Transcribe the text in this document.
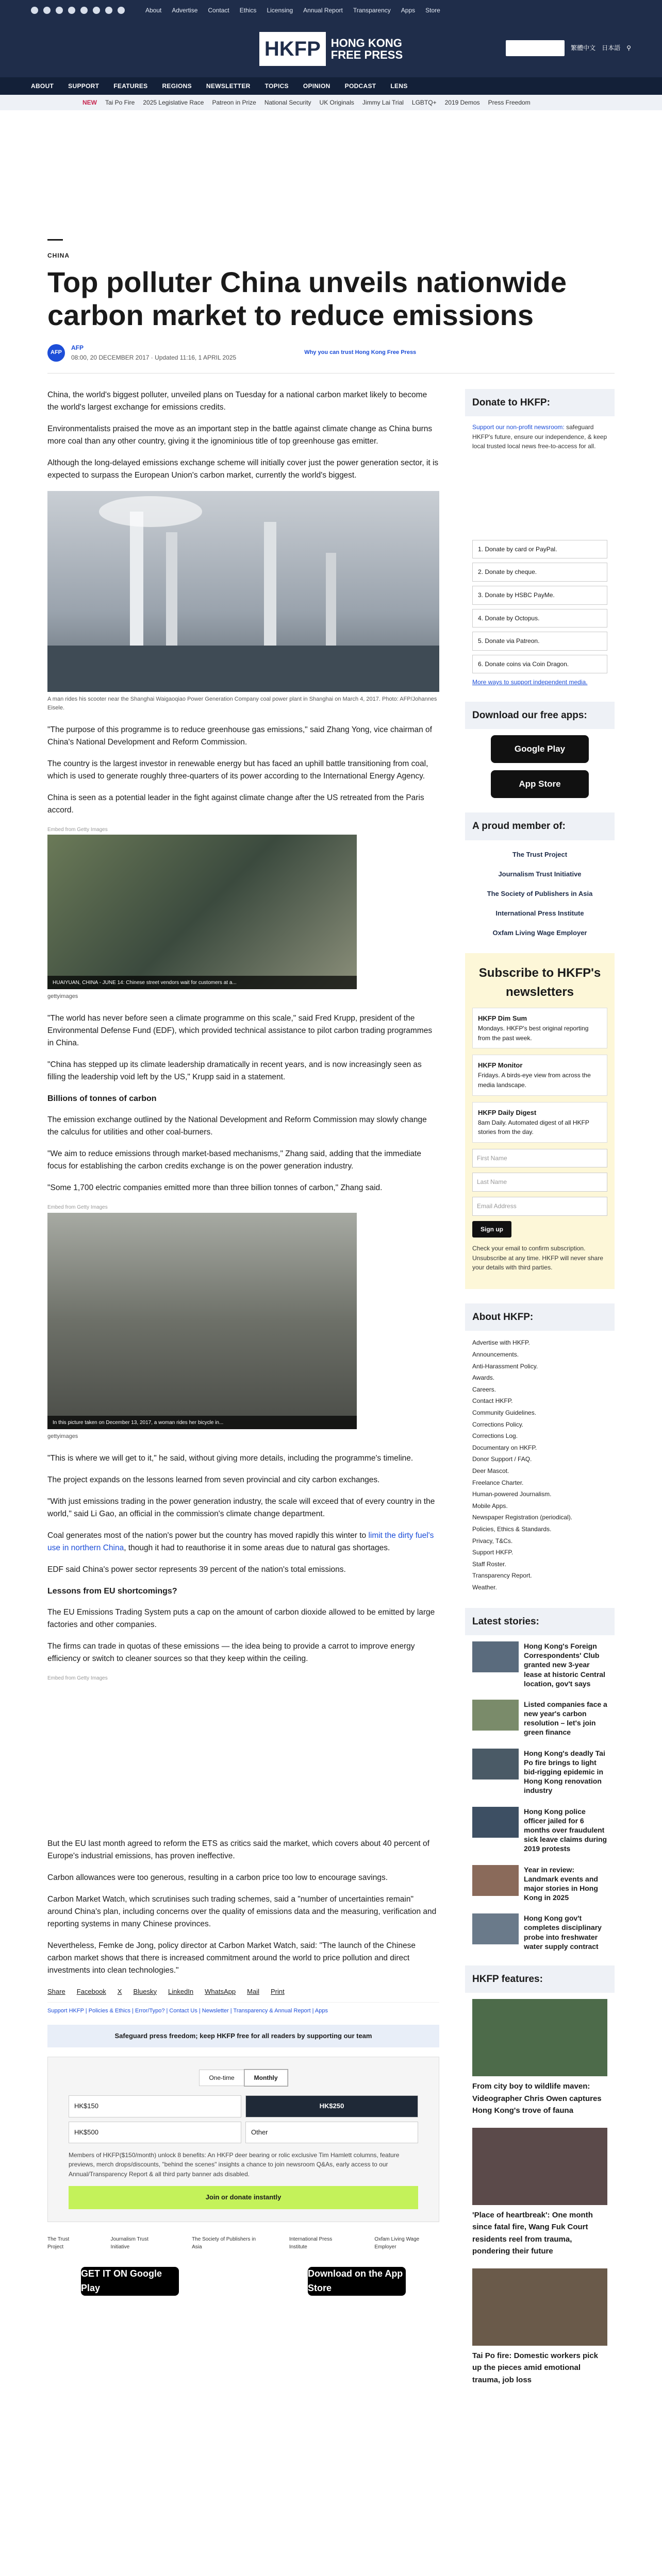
About Advertise Contact Ethics Licensing Annual Report Transparency Apps Store
HKFP HONG KONG
FREE PRESS
SUPPORT HKFP	繁體中文 日本語 ⚲
ABOUT SUPPORT FEATURES REGIONS NEWSLETTER TOPICS OPINION PODCAST LENS
NEW Tai Po Fire 2025 Legislative Race Patreon in Prize National Security UK Originals Jimmy Lai Trial LGBTQ+ 2019 Demos Press Freedom
CHINA
Top polluter China unveils nationwide carbon market to reduce emissions
AFP
AFP
08:00, 20 DECEMBER 2017 · Updated 11:16, 1 APRIL 2025
Why you can trust Hong Kong Free Press

China, the world's biggest polluter, unveiled plans on Tuesday for a national carbon market likely to become the world's largest exchange for emissions credits.

Environmentalists praised the move as an important step in the battle against climate change as China burns more coal than any other country, giving it the ignominious title of top greenhouse gas emitter.

Although the long-delayed emissions exchange scheme will initially cover just the power generation sector, it is expected to surpass the European Union's carbon market, currently the world's biggest.

A man rides his scooter near the Shanghai Waigaoqiao Power Generation Company coal power plant in Shanghai on March 4, 2017. Photo: AFP/Johannes Eisele.

"The purpose of this programme is to reduce greenhouse gas emissions," said Zhang Yong, vice chairman of China's National Development and Reform Commission.

The country is the largest investor in renewable energy but has faced an uphill battle transitioning from coal, which is used to generate roughly three-quarters of its power according to the International Energy Agency.

China is seen as a potential leader in the fight against climate change after the US retreated from the Paris accord.

Embed from Getty Images
HUAIYUAN, CHINA - JUNE 14: Chinese street vendors wait for customers at a...
gettyimages

"The world has never before seen a climate programme on this scale," said Fred Krupp, president of the Environmental Defense Fund (EDF), which provided technical assistance to pilot carbon trading programmes in China.

"China has stepped up its climate leadership dramatically in recent years, and is now increasingly seen as filling the leadership void left by the US," Krupp said in a statement.

Billions of tonnes of carbon

The emission exchange outlined by the National Development and Reform Commission may slowly change the calculus for utilities and other coal-burners.

"We aim to reduce emissions through market-based mechanisms," Zhang said, adding that the immediate focus for establishing the carbon credits exchange is on the power generation industry.

"Some 1,700 electric companies emitted more than three billion tonnes of carbon," Zhang said.

Embed from Getty Images
In this picture taken on December 13, 2017, a woman rides her bicycle in...
gettyimages

"This is where we will get to it," he said, without giving more details, including the programme's timeline.

The project expands on the lessons learned from seven provincial and city carbon exchanges.

"With just emissions trading in the power generation industry, the scale will exceed that of every country in the world," said Li Gao, an official in the commission's climate change department.

Coal generates most of the nation's power but the country has moved rapidly this winter to limit the dirty fuel's use in northern China, though it had to reauthorise it in some areas due to natural gas shortages.

EDF said China's power sector represents 39 percent of the nation's total emissions.

Lessons from EU shortcomings?

The EU Emissions Trading System puts a cap on the amount of carbon dioxide allowed to be emitted by large factories and other companies.

The firms can trade in quotas of these emissions — the idea being to provide a carrot to improve energy efficiency or switch to cleaner sources so that they keep within the ceiling.

Embed from Getty Images

But the EU last month agreed to reform the ETS as critics said the market, which covers about 40 percent of Europe's industrial emissions, has proven ineffective.

Carbon allowances were too generous, resulting in a carbon price too low to encourage savings.

Carbon Market Watch, which scrutinises such trading schemes, said a "number of uncertainties remain" around China's plan, including concerns over the quality of emissions data and the measuring, verification and reporting systems in many Chinese provinces.

Nevertheless, Femke de Jong, policy director at Carbon Market Watch, said: "The launch of the Chinese carbon market shows that there is increased commitment around the world to price pollution and direct investments into clean technologies."

Share Facebook X Bluesky LinkedIn WhatsApp Mail Print
Support HKFP | Policies & Ethics | Error/Typo? | Contact Us | Newsletter | Transparency & Annual Report | Apps
Safeguard press freedom; keep HKFP free for all readers by supporting our team
One-time	Monthly
HK$150	HK$250
HK$500	Other
Members of HKFP($150/month) unlock 8 benefits: An HKFP deer bearing or rolic exclusive Tim Hamlett columns, feature previews, merch drops/discounts, "behind the scenes" insights a chance to join newsroom Q&As, early access to our Annual/Transparency Report & all third party banner ads disabled.
Join or donate instantly
The Trust Project
Journalism Trust Initiative
The Society of Publishers in Asia
International Press Institute
Oxfam Living Wage Employer
GET IT ON Google Play
Download on the App Store
Donate to HKFP:

Support our non-profit newsroom: safeguard HKFP's future, ensure our independence, & keep local trusted local news free-to-access for all.

1. Donate by card or PayPal.
2. Donate by cheque.
3. Donate by HSBC PayMe.
4. Donate by Octopus.
5. Donate via Patreon.
6. Donate coins via Coin Dragon.
More ways to support independent media.
Download our free apps:
Google Play
App Store
A proud member of:
The Trust Project
Journalism Trust Initiative
The Society of Publishers in Asia
International Press Institute
Oxfam Living Wage Employer
Subscribe to HKFP's newsletters
HKFP Dim Sum
Mondays. HKFP's best original reporting from the past week.
HKFP Monitor
Fridays. A birds-eye view from across the media landscape.
HKFP Daily Digest
8am Daily. Automated digest of all HKFP stories from the day.
First Name
Last Name
Email Address
Sign up

Check your email to confirm subscription. Unsubscribe at any time. HKFP will never share your details with third parties.

About HKFP:
Advertise with HKFP.
Announcements.
Anti-Harassment Policy.
Awards.
Careers.
Contact HKFP.
Community Guidelines.
Corrections Policy.
Corrections Log.
Documentary on HKFP.
Donor Support / FAQ.
Deer Mascot.
Freelance Charter.
Human-powered Journalism.
Mobile Apps.
Newspaper Registration (periodical).
Policies, Ethics & Standards.
Privacy, T&Cs.
Support HKFP.
Staff Roster.
Transparency Report.
Weather.
Latest stories:
Hong Kong's Foreign Correspondents' Club granted new 3-year lease at historic Central location, gov't says
Listed companies face a new year's carbon resolution – let's join green finance
Hong Kong's deadly Tai Po fire brings to light bid-rigging epidemic in Hong Kong renovation industry
Hong Kong police officer jailed for 6 months over fraudulent sick leave claims during 2019 protests
Year in review: Landmark events and major stories in Hong Kong in 2025
Hong Kong gov't completes disciplinary probe into freshwater water supply contract
HKFP features:
From city boy to wildlife maven: Videographer Chris Owen captures Hong Kong's trove of fauna
'Place of heartbreak': One month since fatal fire, Wang Fuk Court residents reel from trauma, pondering their future
Tai Po fire: Domestic workers pick up the pieces amid emotional trauma, job loss
